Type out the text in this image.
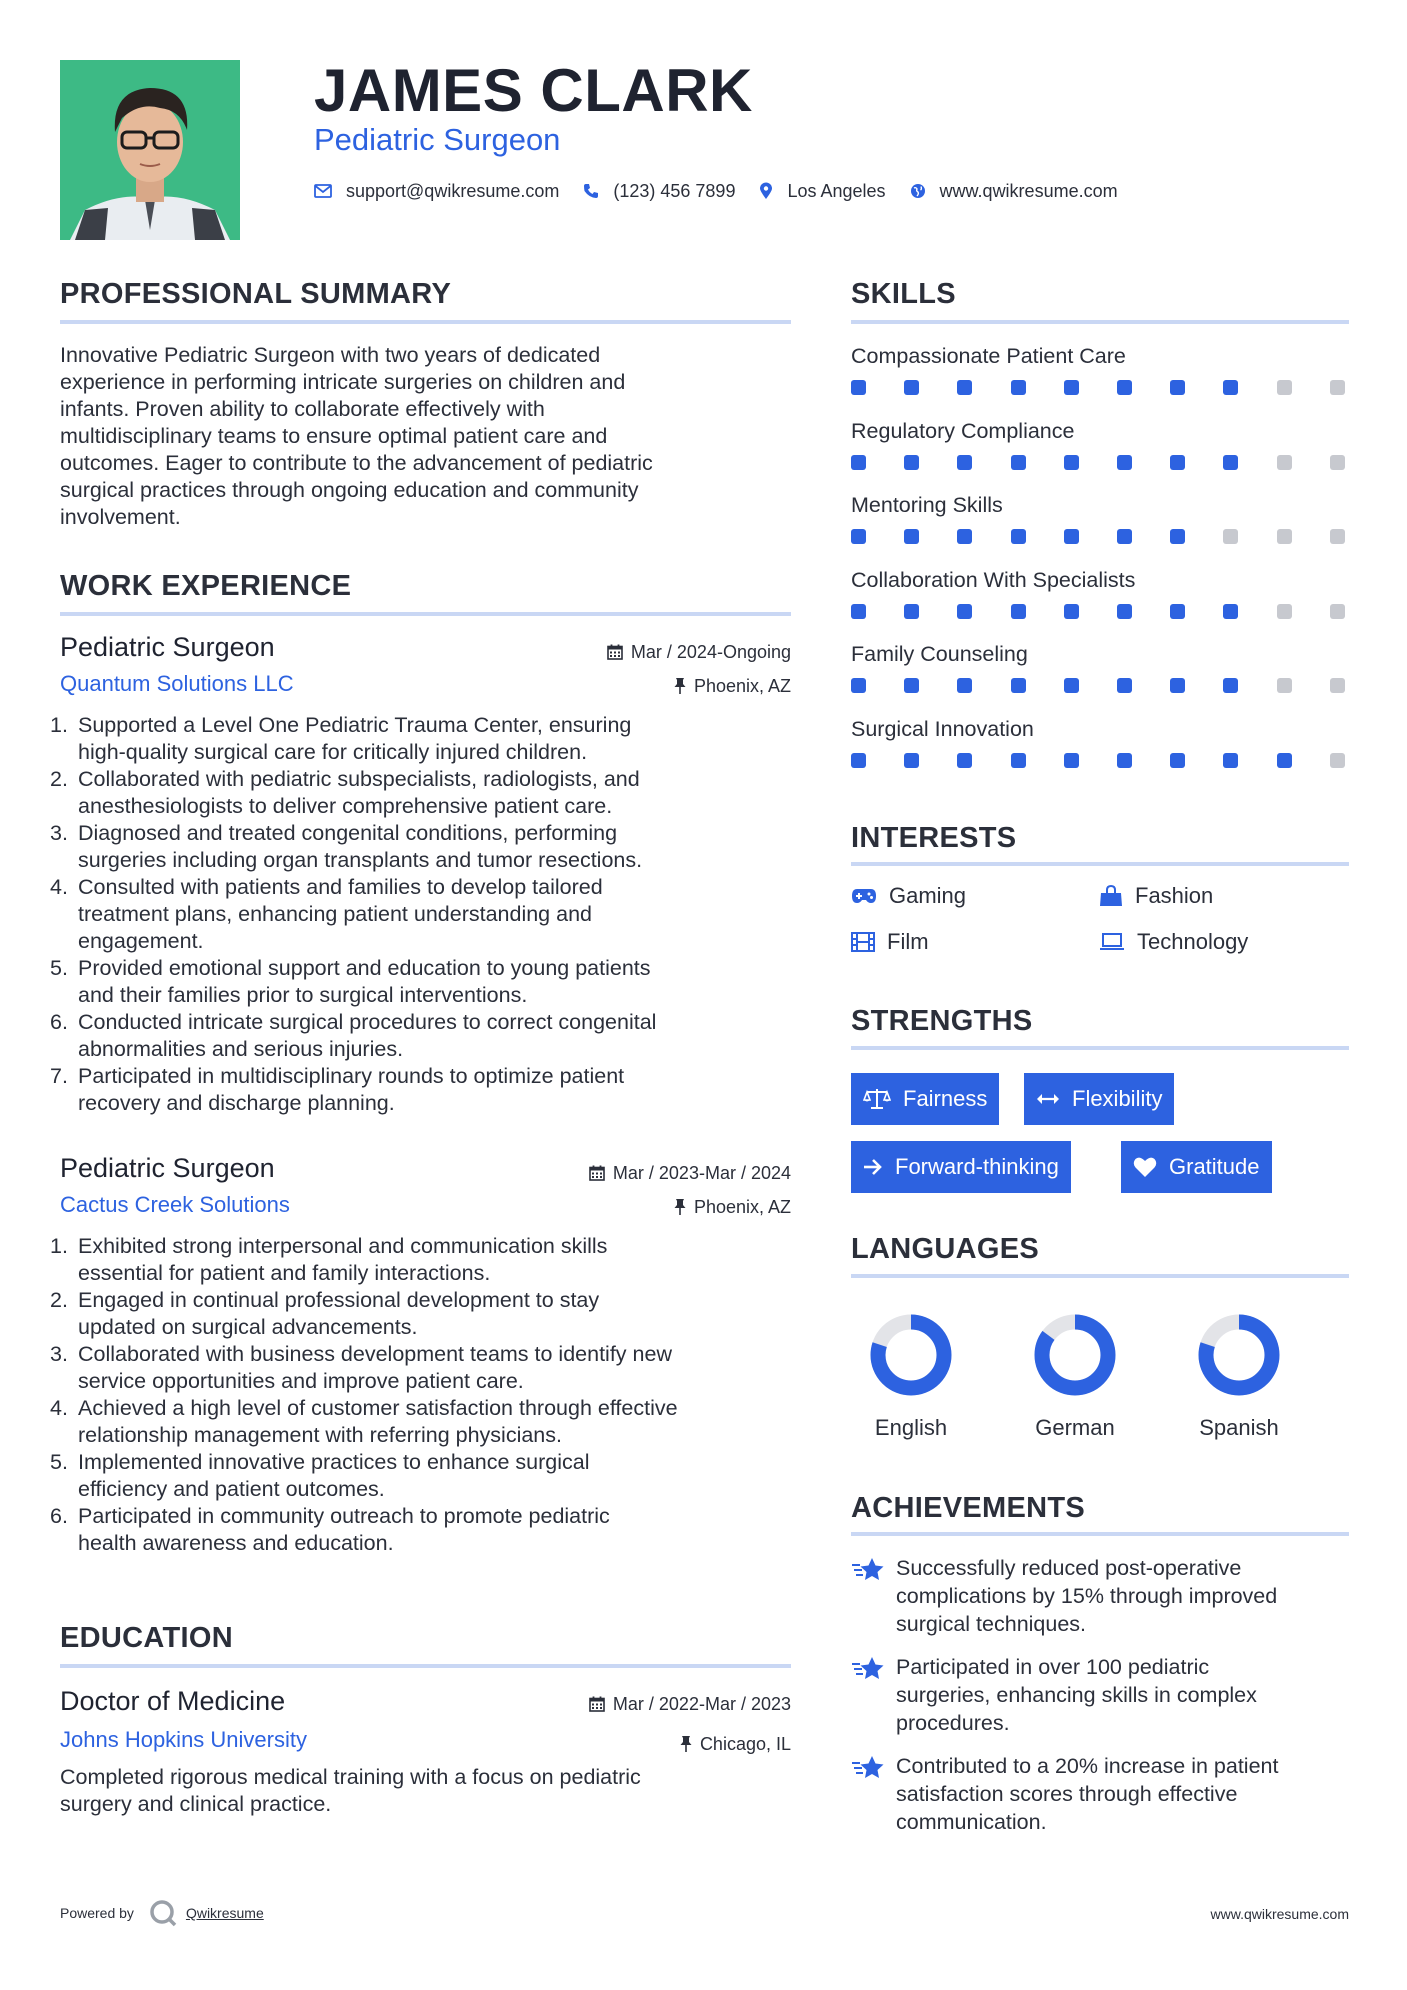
JAMES CLARK
Pediatric Surgeon
support@qwikresume.com	(123) 456 7899	Los Angeles	www.qwikresume.com
PROFESSIONAL SUMMARY
Innovative Pediatric Surgeon with two years of dedicated
experience in performing intricate surgeries on children and
infants. Proven ability to collaborate effectively with
multidisciplinary teams to ensure optimal patient care and
outcomes. Eager to contribute to the advancement of pediatric
surgical practices through ongoing education and community
involvement.
WORK EXPERIENCE
Pediatric Surgeon	Mar / 2024-Ongoing
Quantum Solutions LLC	Phoenix, AZ
1. Supported a Level One Pediatric Trauma Center, ensuring
high-quality surgical care for critically injured children.
2. Collaborated with pediatric subspecialists, radiologists, and
anesthesiologists to deliver comprehensive patient care.
3. Diagnosed and treated congenital conditions, performing
surgeries including organ transplants and tumor resections.
4. Consulted with patients and families to develop tailored
treatment plans, enhancing patient understanding and
engagement.
5. Provided emotional support and education to young patients
and their families prior to surgical interventions.
6. Conducted intricate surgical procedures to correct congenital
abnormalities and serious injuries.
7. Participated in multidisciplinary rounds to optimize patient
recovery and discharge planning.
Pediatric Surgeon	Mar / 2023-Mar / 2024
Cactus Creek Solutions	Phoenix, AZ
1. Exhibited strong interpersonal and communication skills
essential for patient and family interactions.
2. Engaged in continual professional development to stay
updated on surgical advancements.
3. Collaborated with business development teams to identify new
service opportunities and improve patient care.
4. Achieved a high level of customer satisfaction through effective
relationship management with referring physicians.
5. Implemented innovative practices to enhance surgical
efficiency and patient outcomes.
6. Participated in community outreach to promote pediatric
health awareness and education.
EDUCATION
Doctor of Medicine	Mar / 2022-Mar / 2023
Johns Hopkins University	Chicago, IL
Completed rigorous medical training with a focus on pediatric
surgery and clinical practice.
SKILLS
Compassionate Patient Care
Regulatory Compliance
Mentoring Skills
Collaboration With Specialists
Family Counseling
Surgical Innovation
INTERESTS
Gaming	Fashion
Film	Technology
STRENGTHS
Fairness	Flexibility
Forward-thinking	Gratitude
LANGUAGES
English	German	Spanish
ACHIEVEMENTS
Successfully reduced post-operative
complications by 15% through improved
surgical techniques.
Participated in over 100 pediatric
surgeries, enhancing skills in complex
procedures.
Contributed to a 20% increase in patient
satisfaction scores through effective
communication.
Powered by	Qwikresume	www.qwikresume.com
